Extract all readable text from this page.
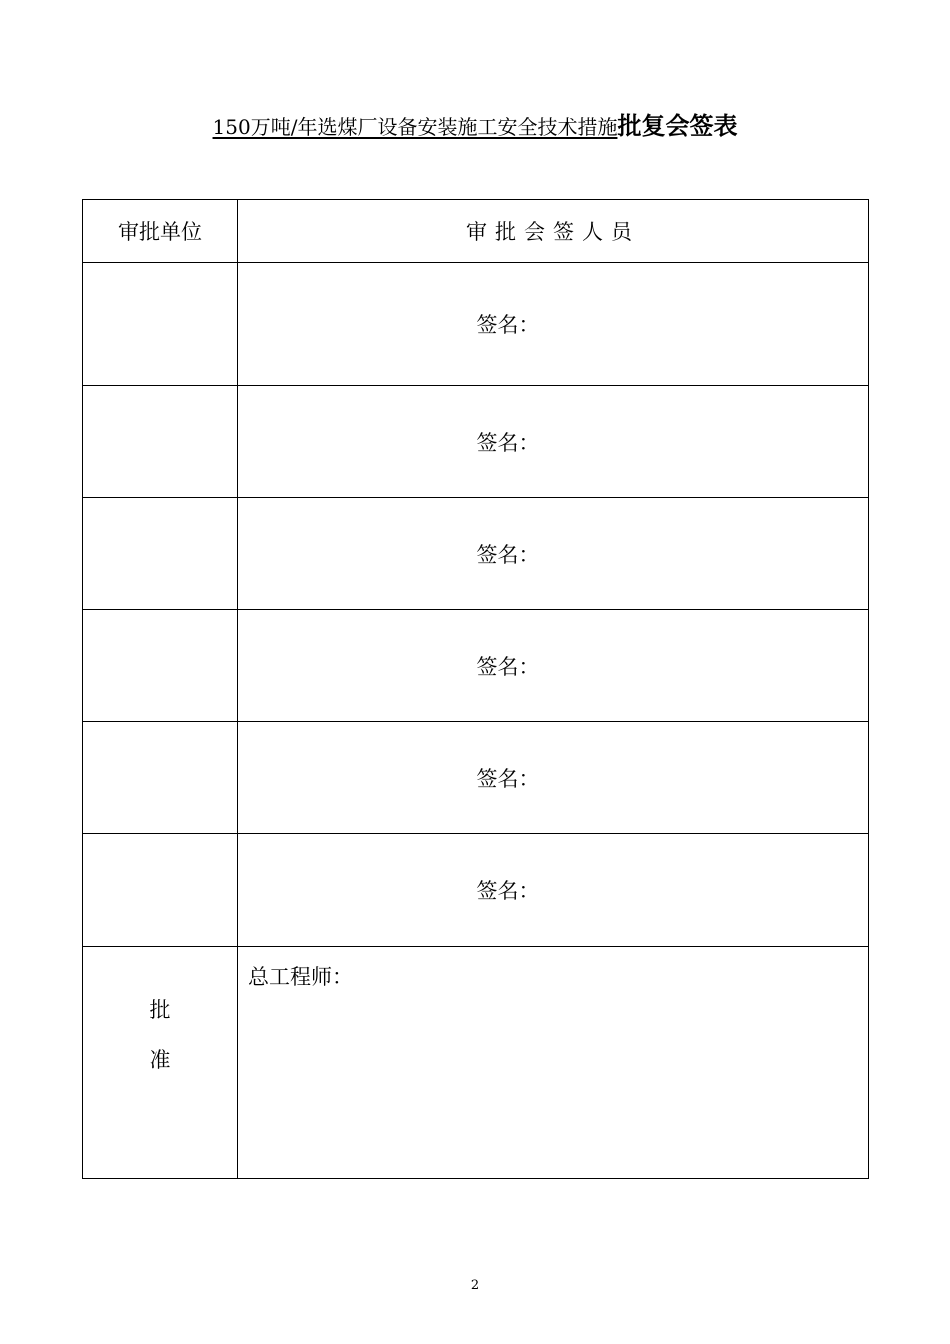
150万吨/年选煤厂设备安装施工安全技术措施批复会签表
审批单位	审批会签人员
	签名：
	签名：
	签名：
	签名：
	签名：
	签名：

批
准	总工程师：
2
